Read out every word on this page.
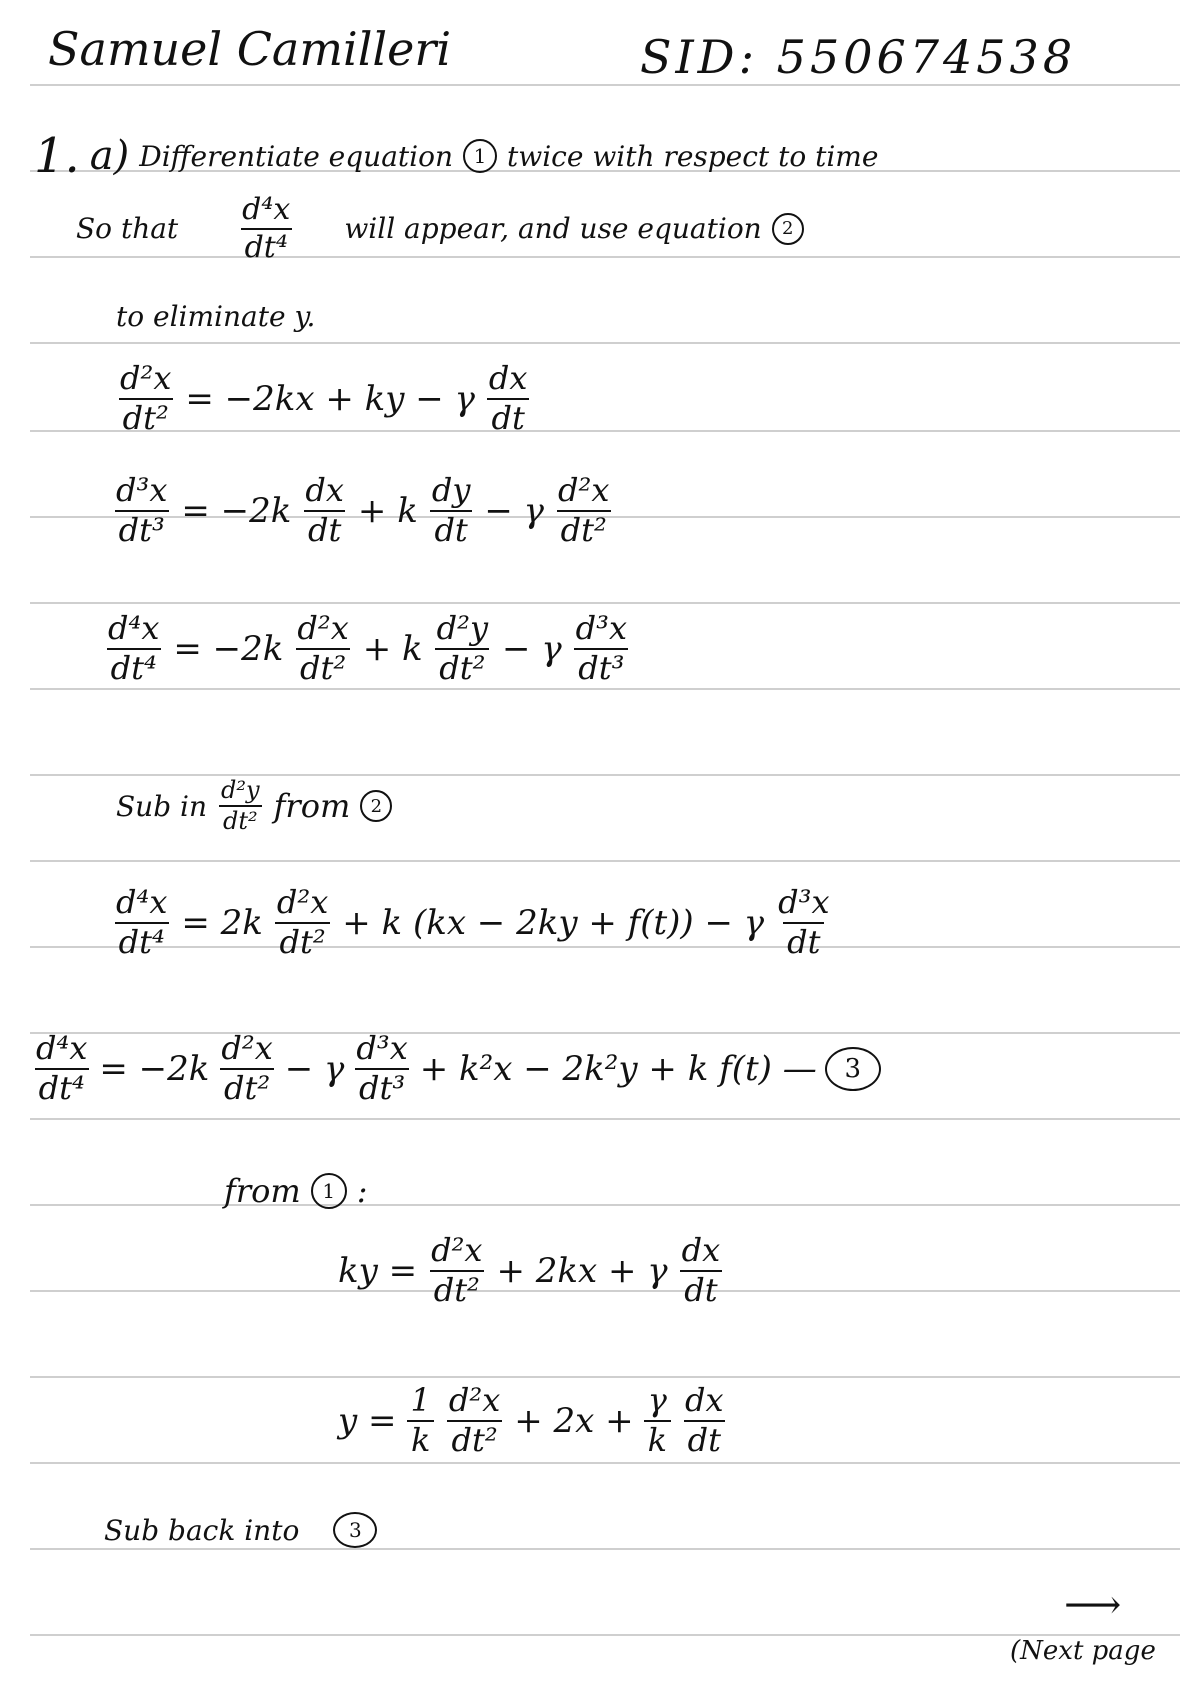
Samuel Camilleri	SID: 550674538
1. a) Differentiate equation	1 twice with respect to time
So that $\frac{\text{d⁴x}}{\text{dt⁴}}$ will appear, and use equation	2
to eliminate y.
$\frac{\text{d²x}}{\text{dt²}} = -2kx$ + ky − γ $\frac{dx}{dt}$
$\frac{\text{d³x}}{\text{dt³}} = -2k \frac{dx}{dt} + k \frac{dy}{dt} - \gamma \frac{\text{d²x}}{\text{dt²}}$
$\frac{\text{d⁴x}}{\text{dt⁴}} = -2k \frac{\text{d²x}}{\text{dt²}} + k \frac{\text{d²y}}{\text{dt²}} - \gamma \frac{\text{d³x}}{\text{dt³}}$
Sub in $\frac{\text{d²y}}{\text{dt²}}$ from	2
$\frac{\text{d⁴x}}{\text{dt⁴}} = 2k \frac{\text{d²x}}{\text{dt²}} + k$ (kx − 2ky + f(t)) − γ $\frac{\text{d³x}}{dt}$
$\frac{\text{d⁴x}}{\text{dt⁴}} = -2k \frac{\text{d²x}}{\text{dt²}} - \gamma \frac{\text{d³x}}{\text{dt³}} + k^2x - 2k^2y + k$ f(t) —	3
from	1 :
ky = $\frac{\text{d²x}}{\text{dt²}} + 2kx + \gamma \frac{dx}{dt}$
$y = \frac{1}{k} \frac{\text{d²x}}{\text{dt²}} + 2x + \frac{\gamma}{k} \frac{dx}{dt}$
Sub back into	3
⟶
(Next page
